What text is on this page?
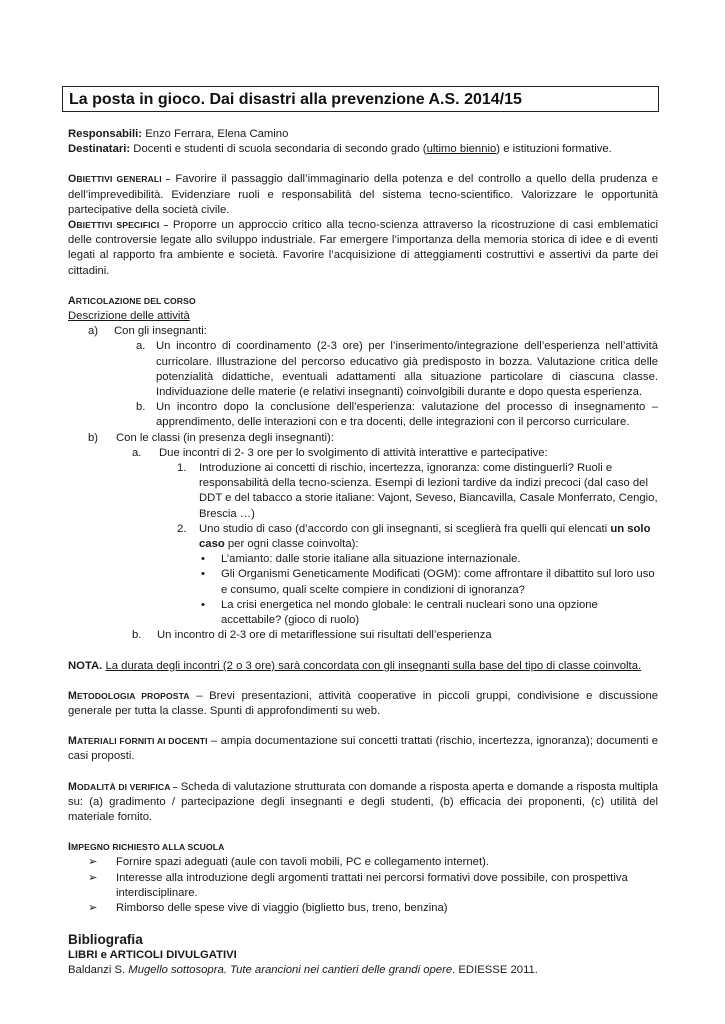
La posta in gioco. Dai disastri alla prevenzione A.S. 2014/15

Responsabili: Enzo Ferrara, Elena Camino

Destinatari: Docenti e studenti di scuola secondaria di secondo grado (ultimo biennio) e istituzioni formative.

OBIETTIVI GENERALI – Favorire il passaggio dall’immaginario della potenza e del controllo a quello della prudenza e dell’imprevedibilità. Evidenziare ruoli e responsabilità del sistema tecno-scientifico. Valorizzare le opportunità partecipative della società civile.

OBIETTIVI SPECIFICI – Proporre un approccio critico alla tecno-scienza attraverso la ricostruzione di casi emblematici delle controversie legate allo sviluppo industriale. Far emergere l’importanza della memoria storica di idee e di eventi legati al rapporto fra ambiente e società. Favorire l’acquisizione di atteggiamenti costruttivi e assertivi da parte dei cittadini.

ARTICOLAZIONE DEL CORSO

Descrizione delle attività

a)	Con gli insegnanti:
a. Un incontro di coordinamento (2-3 ore) per l’inserimento/integrazione dell’esperienza nell’attività curricolare. Illustrazione del percorso educativo già predisposto in bozza. Valutazione critica delle potenzialità didattiche, eventuali adattamenti alla situazione particolare di ciascuna classe. Individuazione delle materie (e relativi insegnanti) coinvolgibili durante e dopo questa esperienza.
b. Un incontro dopo la conclusione dell’esperienza: valutazione del processo di insegnamento – apprendimento, delle interazioni con e tra docenti, delle integrazioni con il percorso curriculare.
b)	Con le classi (in presenza degli insegnanti):
a.	Due incontri di 2- 3 ore per lo svolgimento di attività interattive e partecipative:
1.	Introduzione ai concetti di rischio, incertezza, ignoranza: come distinguerli? Ruoli e responsabilità della tecno-scienza. Esempi di lezioni tardive da indizi precoci (dal caso del DDT e del tabacco a storie italiane: Vajont, Seveso, Biancavilla, Casale Monferrato, Cengio, Brescia …)
2.	Uno studio di caso (d’accordo con gli insegnanti, si sceglierà fra quelli qui elencati un solo caso per ogni classe coinvolta):
•	L’amianto: dalle storie italiane alla situazione internazionale.
•	Gli Organismi Geneticamente Modificati (OGM): come affrontare il dibattito sul loro uso e consumo, quali scelte compiere in condizioni di ignoranza?
•	La crisi energetica nel mondo globale: le centrali nucleari sono una opzione accettabile? (gioco di ruolo)
b.	Un incontro di 2-3 ore di metariflessione sui risultati dell’esperienza

NOTA. La durata degli incontri (2 o 3 ore) sarà concordata con gli insegnanti sulla base del tipo di classe coinvolta.

METODOLOGIA PROPOSTA – Brevi presentazioni, attività cooperative in piccoli gruppi, condivisione e discussione generale per tutta la classe. Spunti di approfondimenti su web.

MATERIALI FORNITI AI DOCENTI – ampia documentazione sui concetti trattati (rischio, incertezza, ignoranza); documenti e casi proposti.

MODALITÀ DI VERIFICA – Scheda di valutazione strutturata con domande a risposta aperta e domande a risposta multipla su: (a) gradimento / partecipazione degli insegnanti e degli studenti, (b) efficacia dei proponenti, (c) utilità del materiale fornito.

IMPEGNO RICHIESTO ALLA SCUOLA

➢	Fornire spazi adeguati (aule con tavoli mobili, PC e collegamento internet).
➢	Interesse alla introduzione degli argomenti trattati nei percorsi formativi dove possibile, con prospettiva interdisciplinare.
➢	Rimborso delle spese vive di viaggio (biglietto bus, treno, benzina)

Bibliografia

LIBRI e ARTICOLI DIVULGATIVI

Baldanzi S. Mugello sottosopra. Tute arancioni nei cantieri delle grandi opere. EDIESSE 2011.
